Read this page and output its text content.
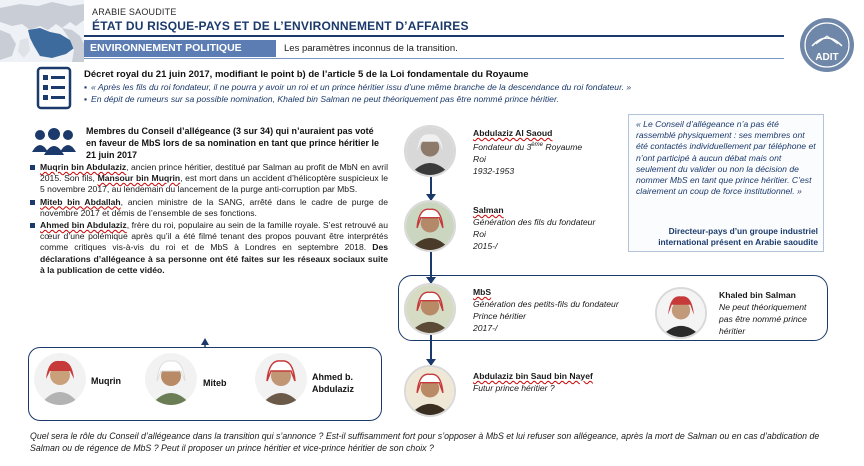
ARABIE SAOUDITE
ÉTAT DU RISQUE-PAYS ET DE L’ENVIRONNEMENT D’AFFAIRES
ENVIRONNEMENT POLITIQUE	Les paramètres inconnus de la transition.
ADIT
Décret royal du 21 juin 2017, modifiant le point b) de l’article 5 de la Loi fondamentale du Royaume
▪ « Après les fils du roi fondateur, il ne pourra y avoir un roi et un prince héritier issu d’une même branche de la descendance du roi fondateur. »
▪ En dépit de rumeurs sur sa possible nomination, Khaled bin Salman ne peut théoriquement pas être nommé prince héritier.
Membres du Conseil d’allégeance (3 sur 34) qui n’auraient pas voté en faveur de MbS lors de sa nomination en tant que prince héritier le 21 juin 2017
Muqrin bin Abdulaziz, ancien prince héritier, destitué par Salman au profit de MbN en avril 2015. Son fils, Mansour bin Muqrin, est mort dans un accident d’hélicoptère suspicieux le 5 novembre 2017, au lendemain du lancement de la purge anti-corruption par MbS.
Miteb bin Abdallah, ancien ministre de la SANG, arrêté dans le cadre de purge de novembre 2017 et démis de l’ensemble de ses fonctions.
Ahmed bin Abdulaziz, frère du roi, populaire au sein de la famille royale. S’est retrouvé au cœur d’une polémique après qu’il a été filmé tenant des propos pouvant être interprétés comme critiques vis-à-vis du roi et de MbS à Londres en septembre 2018. Des déclarations d’allégeance à sa personne ont été faites sur les réseaux sociaux suite à la publication de cette vidéo.
Muqrin	Miteb
Ahmed b. Abdulaziz
Abdulaziz Al Saoud
Fondateur du 3ème Royaume
Roi
1932-1953
Salman
Génération des fils du fondateur
Roi
2015-/
MbS
Génération des petits-fils du fondateur
Prince héritier
2017-/
Abdulaziz bin Saud bin Nayef
Futur prince héritier ?
Khaled bin Salman
Ne peut théoriquement pas être nommé prince héritier
« Le Conseil d’allégeance n’a pas été rassemblé physiquement : ses membres ont été contactés individuellement par téléphone et n’ont participé à aucun débat mais ont seulement du valider ou non la décision de nommer MbS en tant que prince héritier. C’est clairement un coup de force institutionnel. »
Directeur-pays d’un groupe industriel international présent en Arabie saoudite
Quel sera le rôle du Conseil d’allégeance dans la transition qui s’annonce ? Est-il suffisamment fort pour s’opposer à MbS et lui refuser son allégeance, après la mort de Salman ou en cas d’abdication de Salman ou de régence de MbS ? Peut il proposer un prince héritier et vice-prince héritier de son choix ?
